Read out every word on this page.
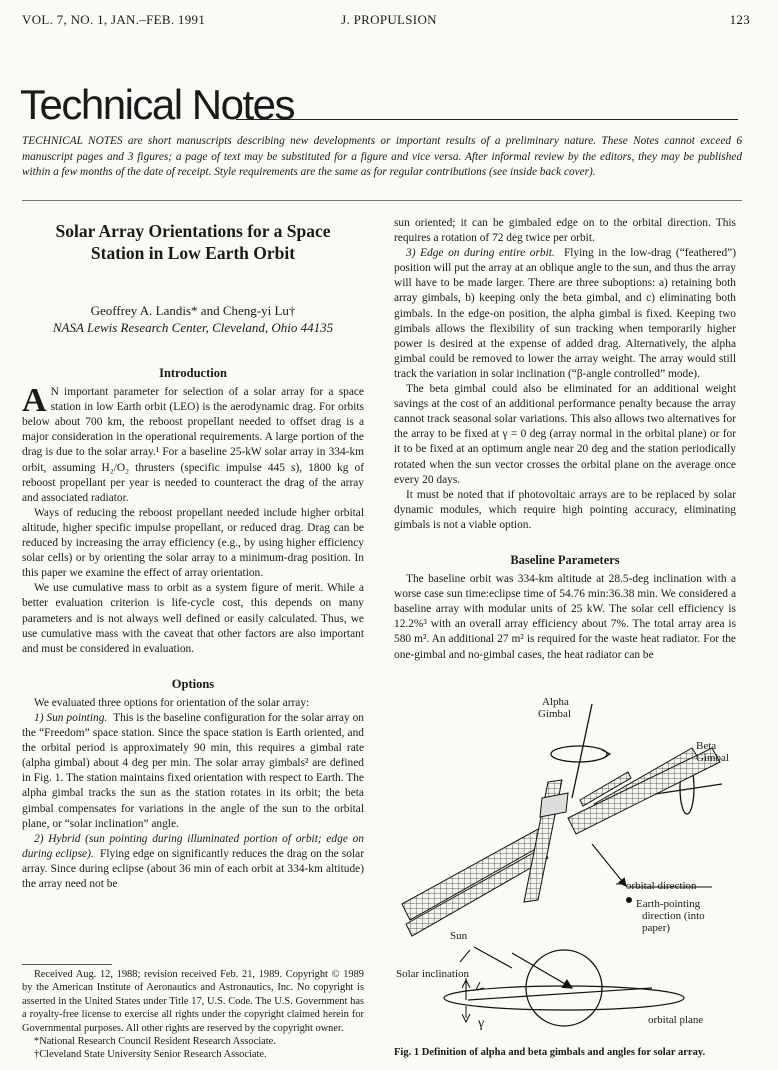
VOL. 7, NO. 1, JAN.–FEB. 1991	J. PROPULSION	123
Technical Notes
TECHNICAL NOTES are short manuscripts describing new developments or important results of a preliminary nature. These Notes cannot exceed 6 manuscript pages and 3 figures; a page of text may be substituted for a figure and vice versa. After informal review by the editors, they may be published within a few months of the date of receipt. Style requirements are the same as for regular contributions (see inside back cover).
Solar Array Orientations for a Space Station in Low Earth Orbit
Geoffrey A. Landis* and Cheng-yi Lu†
NASA Lewis Research Center, Cleveland, Ohio 44135
Introduction

A N important parameter for selection of a solar array for a space station in low Earth orbit (LEO) is the aerodynamic drag. For orbits below about 700 km, the reboost propellant needed to offset drag is a major consideration in the operational requirements. A large portion of the drag is due to the solar array.¹ For a baseline 25-kW solar array in 334-km orbit, assuming H₂/O₂ thrusters (specific impulse 445 s), 1800 kg of reboost propellant per year is needed to counteract the drag of the array and associated radiator.

Ways of reducing the reboost propellant needed include higher orbital altitude, higher specific impulse propellant, or reduced drag. Drag can be reduced by increasing the array efficiency (e.g., by using higher efficiency solar cells) or by orienting the solar array to a minimum-drag position. In this paper we examine the effect of array orientation.

We use cumulative mass to orbit as a system figure of merit. While a better evaluation criterion is life-cycle cost, this depends on many parameters and is not always well defined or easily calculated. Thus, we use cumulative mass with the caveat that other factors are also important and must be considered in evaluation.

Options

We evaluated three options for orientation of the solar array:

1) Sun pointing. This is the baseline configuration for the solar array on the “Freedom” space station. Since the space station is Earth oriented, and the orbital period is approximately 90 min, this requires a gimbal rate (alpha gimbal) about 4 deg per min. The solar array gimbals² are defined in Fig. 1. The station maintains fixed orientation with respect to Earth. The alpha gimbal tracks the sun as the station rotates in its orbit; the beta gimbal compensates for variations in the angle of the sun to the orbital plane, or “solar inclination” angle.

2) Hybrid (sun pointing during illuminated portion of orbit; edge on during eclipse). Flying edge on significantly reduces the drag on the solar array. Since during eclipse (about 36 min of each orbit at 334-km altitude) the array need not be

Received Aug. 12, 1988; revision received Feb. 21, 1989. Copyright © 1989 by the American Institute of Aeronautics and Astronautics, Inc. No copyright is asserted in the United States under Title 17, U.S. Code. The U.S. Government has a royalty-free license to exercise all rights under the copyright claimed herein for Governmental purposes. All other rights are reserved by the copyright owner.

*National Research Council Resident Research Associate.

†Cleveland State University Senior Research Associate.

sun oriented; it can be gimbaled edge on to the orbital direction. This requires a rotation of 72 deg twice per orbit.

3) Edge on during entire orbit. Flying in the low-drag (“feathered”) position will put the array at an oblique angle to the sun, and thus the array will have to be made larger. There are three suboptions: a) retaining both array gimbals, b) keeping only the beta gimbal, and c) eliminating both gimbals. In the edge-on position, the alpha gimbal is fixed. Keeping two gimbals allows the flexibility of sun tracking when temporarily higher power is desired at the expense of added drag. Alternatively, the alpha gimbal could be removed to lower the array weight. The array would still track the variation in solar inclination (“β-angle controlled” mode).

The beta gimbal could also be eliminated for an additional weight savings at the cost of an additional performance penalty because the array cannot track seasonal solar variations. This also allows two alternatives for the array to be fixed at γ = 0 deg (array normal in the orbital plane) or for it to be fixed at an optimum angle near 20 deg and the station periodically rotated when the sun vector crosses the orbital plane on the average once every 20 days.

It must be noted that if photovoltaic arrays are to be replaced by solar dynamic modules, which require high pointing accuracy, eliminating gimbals is not a viable option.

Baseline Parameters

The baseline orbit was 334-km altitude at 28.5-deg inclination with a worse case sun time:eclipse time of 54.76 min:36.38 min. We considered a baseline array with modular units of 25 kW. The solar cell efficiency is 12.2%³ with an overall array efficiency about 7%. The total array area is 580 m². An additional 27 m² is required for the waste heat radiator. For the one-gimbal and no-gimbal cases, the heat radiator can be

Alpha
Gimbal
Beta
Gimbal
orbital direction
Earth-pointing
direction (into
paper)
Sun
Solar inclination
γ	orbital plane
Fig. 1 Definition of alpha and beta gimbals and angles for solar array.
